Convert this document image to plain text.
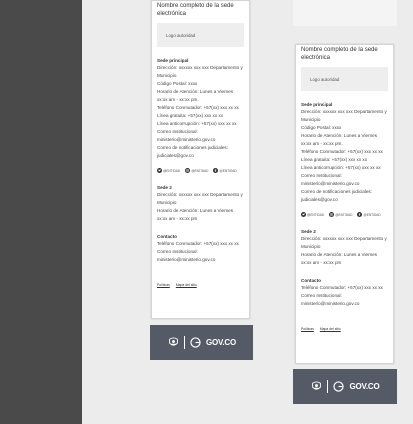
Nombre completo de la sede electrónica
Logo autoridad
Sede principal
Dirección: xxxxxx xxx xxx Departamento y
Municipio
Código Postal: xxxx
Horario de Atención: Lunes a Viernes
xx:xx am - xx:xx pm.
Teléfono Conmutador: +57(xx) xxx xx xx
Línea gratuita: +57(xx) xxx xx xx
Línea anticorrupción: +57(xx) xxx xx xx
Correo Institucional:
ministerio@ministerio.gov.co
Correo de notificaciones judiciales:
judiciales@gov.co
@ENTIDAD	@ENTIDAD	@ENTIDAD
Sede 2
Dirección: xxxxxx xxx xxx Departamento y
Municipio
Horario de Atención: Lunes a Viernes
xx:xx am - xx:xx pm
Contacto
Teléfono Conmutador: +57(xx) xxx xx xx
Correo Institucional:
ministerio@ministerio.gov.co
Políticas Mapa del sitio
GOV.CO
Nombre completo de la sede electrónica
Logo autoridad
Sede principal
Dirección: xxxxxx xxx xxx Departamento y
Municipio
Código Postal: xxxx
Horario de Atención: Lunes a Viernes
xx:xx am - xx:xx pm.
Teléfono Conmutador: +57(xx) xxx xx xx
Línea gratuita: +57(xx) xxx xx xx
Línea anticorrupción: +57(xx) xxx xx xx
Correo Institucional:
ministerio@ministerio.gov.co
Correo de notificaciones judiciales:
judiciales@gov.co
@ENTIDAD	@ENTIDAD	@ENTIDAD
Sede 2
Dirección: xxxxxx xxx xxx Departamento y
Municipio
Horario de Atención: Lunes a Viernes
xx:xx am - xx:xx pm
Contacto
Teléfono Conmutador: +57(xx) xxx xx xx
Correo Institucional:
ministerio@ministerio.gov.co
Políticas Mapa del sitio
GOV.CO
